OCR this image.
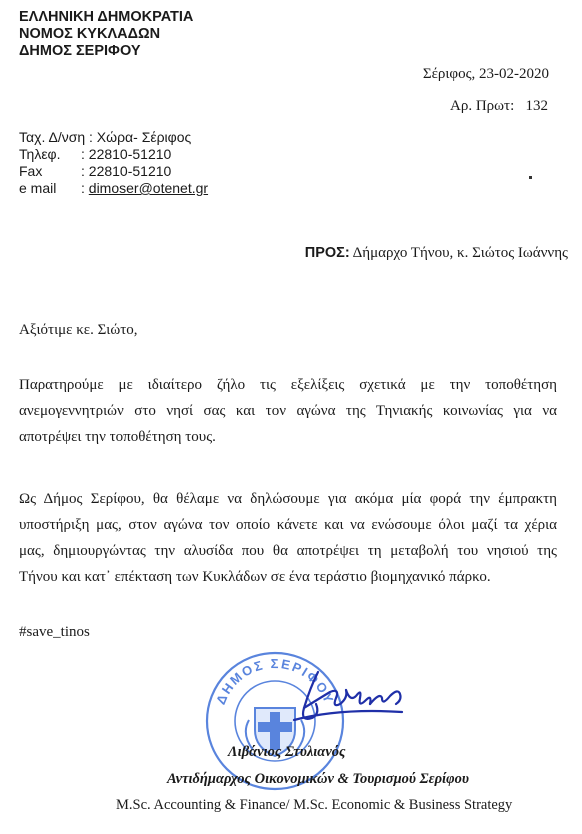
ΕΛΛΗΝΙΚΗ ΔΗΜΟΚΡΑΤΙΑ
ΝΟΜΟΣ ΚΥΚΛΑΔΩΝ
ΔΗΜΟΣ ΣΕΡΙΦΟΥ
Σέριφος, 23-02-2020
Αρ. Πρωτ: 132
Ταχ. Δ/νση : Χώρα- Σέριφος
Τηλεφ. : 22810-51210
Fax	: 22810-51210
e mail : dimoser@otenet.gr
ΠΡΟΣ: Δήμαρχο Τήνου, κ. Σιώτος Ιωάννης
Αξιότιμε κε. Σιώτο,
Παρατηρούμε με ιδιαίτερο ζήλο τις εξελίξεις σχετικά με την τοποθέτηση
ανεμογεννητριών στο νησί σας και τον αγώνα της Τηνιακής κοινωνίας για να
αποτρέψει την τοποθέτηση τους.
Ως Δήμος Σερίφου, θα θέλαμε να δηλώσουμε για ακόμα μία φορά την έμπρακτη
υποστήριξη μας, στον αγώνα τον οποίο κάνετε και να ενώσουμε όλοι μαζί τα χέρια
μας, δημιουργώντας την αλυσίδα που θα αποτρέψει τη μεταβολή του νησιού της
Τήνου και κατ᾽ επέκταση των Κυκλάδων σε ένα τεράστιο βιομηχανικό πάρκο.
#save_tinos
ΔΗΜΟΣ ΣΕΡΙΦΟΥ
Λιβάνιος Στυλιανός
Αντιδήμαρχος Οικονομικών & Τουρισμού Σερίφου
M.Sc. Accounting & Finance/ M.Sc. Economic & Business Strategy
